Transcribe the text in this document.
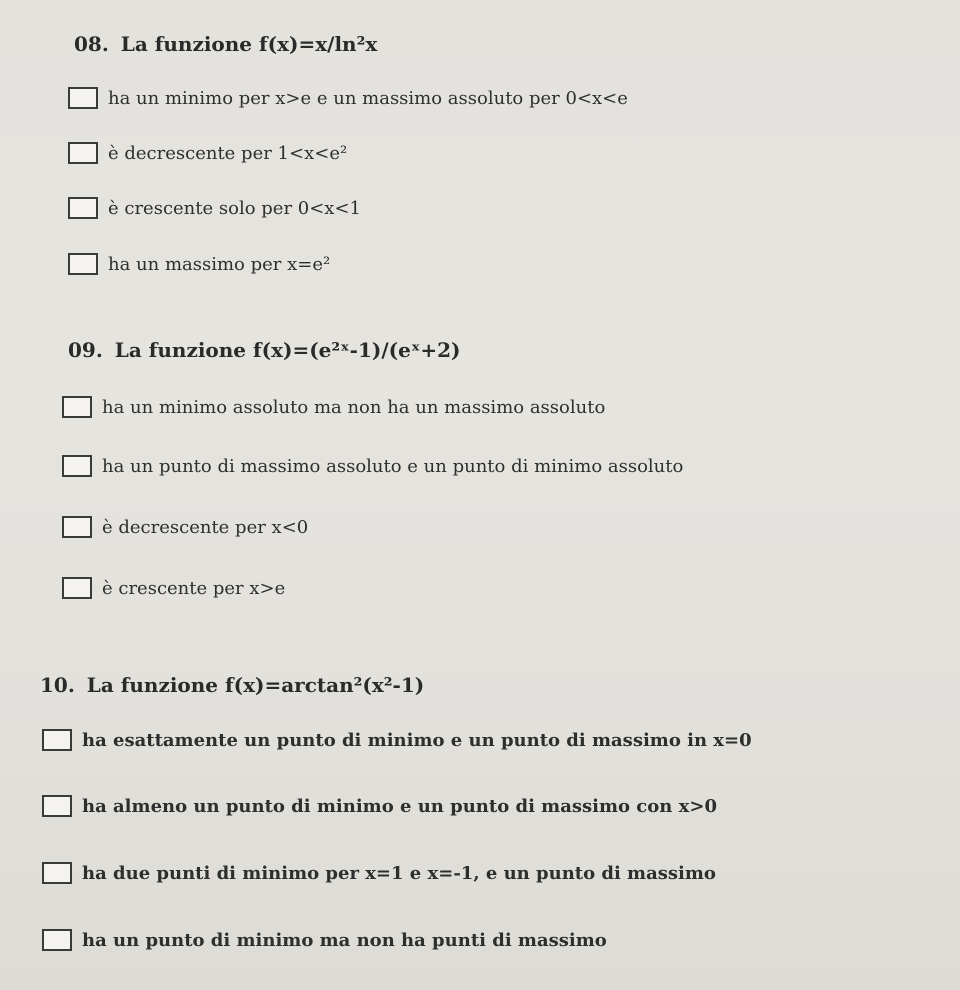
08. La funzione f(x)=x/ln²x
ha un minimo per x>e e un massimo assoluto per 0<x<e
è decrescente per 1<x<e²
è crescente solo per 0<x<1
ha un massimo per x=e²
09. La funzione f(x)=(e²ˣ-1)/(eˣ+2)
ha un minimo assoluto ma non ha un massimo assoluto
ha un punto di massimo assoluto e un punto di minimo assoluto
è decrescente per x<0
è crescente per x>e
10. La funzione f(x)=arctan²(x²-1)
ha esattamente un punto di minimo e un punto di massimo in x=0
ha almeno un punto di minimo e un punto di massimo con x>0
ha due punti di minimo per x=1 e x=-1, e un punto di massimo
ha un punto di minimo ma non ha punti di massimo
